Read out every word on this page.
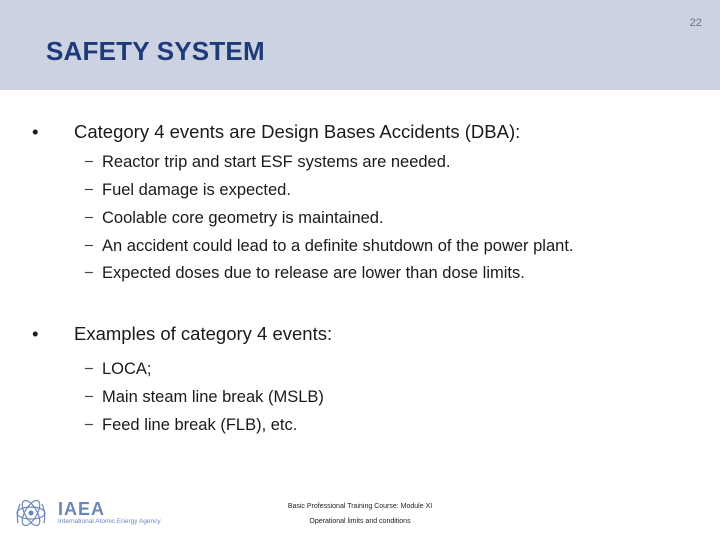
22
SAFETY SYSTEM
• Category 4 events are Design Bases Accidents (DBA):
− Reactor trip and start ESF systems are needed.
− Fuel damage is expected.
− Coolable core geometry is maintained.
− An accident could lead to a definite shutdown of the power plant.
− Expected doses due to release are lower than dose limits.
• Examples of category 4 events:
− LOCA;
− Main steam line break (MSLB)
− Feed line break (FLB), etc.
IAEA
International Atomic Energy Agency
Basic Professional Training Course: Module XI
Operational limits and conditions
